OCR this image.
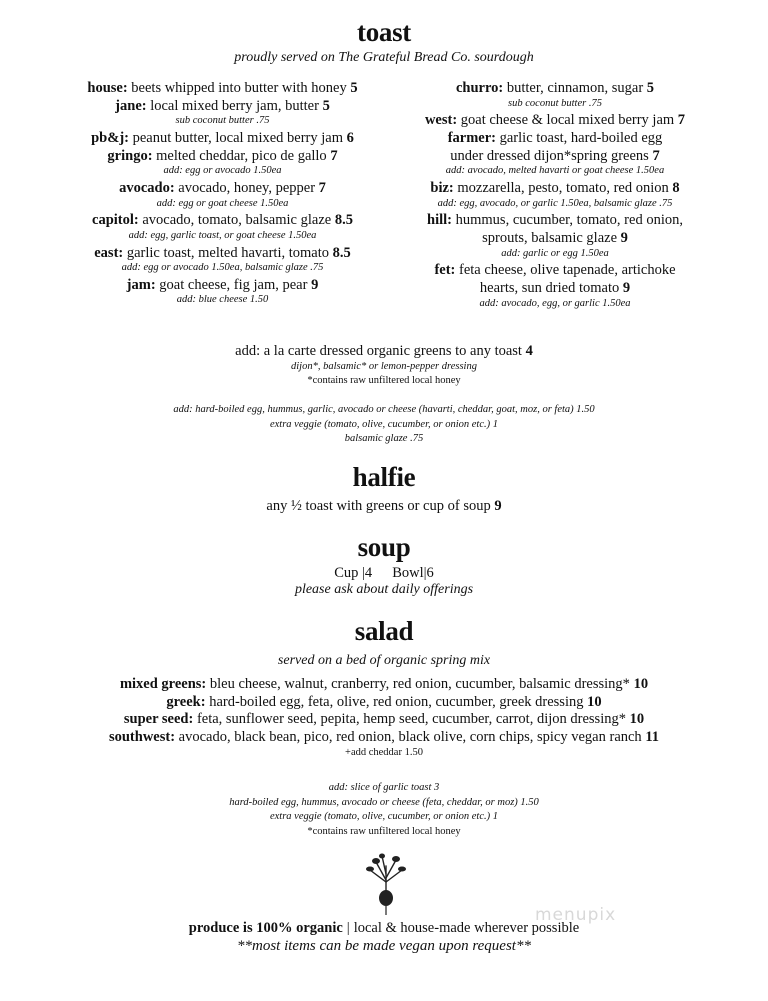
toast

proudly served on The Grateful Bread Co. sourdough

house: beets whipped into butter with honey 5
jane: local mixed berry jam, butter 5
sub coconut butter .75
pb&j: peanut butter, local mixed berry jam 6
gringo: melted cheddar, pico de gallo 7
add: egg or avocado 1.50ea
avocado: avocado, honey, pepper 7
add: egg or goat cheese 1.50ea
capitol: avocado, tomato, balsamic glaze 8.5
add: egg, garlic toast, or goat cheese 1.50ea
east: garlic toast, melted havarti, tomato 8.5
add: egg or avocado 1.50ea, balsamic glaze .75
jam: goat cheese, fig jam, pear 9
add: blue cheese 1.50
churro: butter, cinnamon, sugar 5
sub coconut butter .75
west: goat cheese & local mixed berry jam 7
farmer: garlic toast, hard-boiled egg
under dressed dijon*spring greens 7
add: avocado, melted havarti or goat cheese 1.50ea
biz: mozzarella, pesto, tomato, red onion 8
add: egg, avocado, or garlic 1.50ea, balsamic glaze .75
hill: hummus, cucumber, tomato, red onion,
sprouts, balsamic glaze 9
add: garlic or egg 1.50ea
fet: feta cheese, olive tapenade, artichoke
hearts, sun dried tomato 9
add: avocado, egg, or garlic 1.50ea
add: a la carte dressed organic greens to any toast 4
dijon*, balsamic* or lemon-pepper dressing
*contains raw unfiltered local honey
add: hard-boiled egg, hummus, garlic, avocado or cheese (havarti, cheddar, goat, moz, or feta) 1.50
extra veggie (tomato, olive, cucumber, or onion etc.) 1
balsamic glaze .75
halfie
any ½ toast with greens or cup of soup 9
soup
Cup |4 Bowl|6
please ask about daily offerings
salad
served on a bed of organic spring mix
mixed greens: bleu cheese, walnut, cranberry, red onion, cucumber, balsamic dressing* 10
greek: hard-boiled egg, feta, olive, red onion, cucumber, greek dressing 10
super seed: feta, sunflower seed, pepita, hemp seed, cucumber, carrot, dijon dressing* 10
southwest: avocado, black bean, pico, red onion, black olive, corn chips, spicy vegan ranch 11
+add cheddar 1.50
add: slice of garlic toast 3
hard-boiled egg, hummus, avocado or cheese (feta, cheddar, or moz) 1.50
extra veggie (tomato, olive, cucumber, or onion etc.) 1
*contains raw unfiltered local honey
menupix
produce is 100% organic | local & house-made wherever possible
**most items can be made vegan upon request**
